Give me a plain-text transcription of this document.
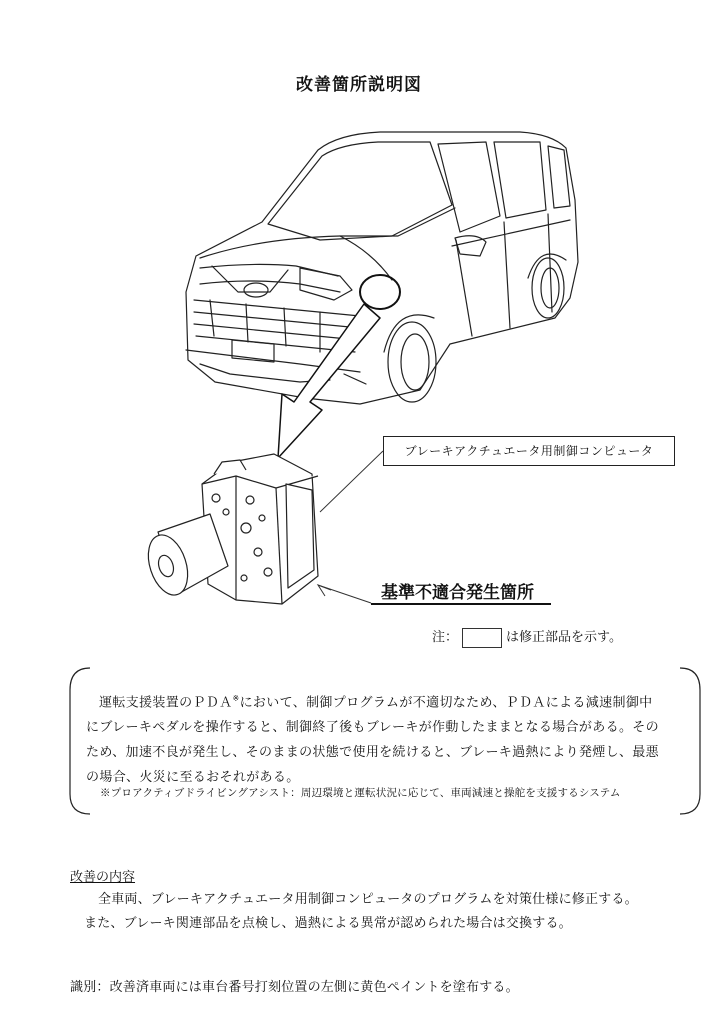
改善箇所説明図
ブレーキアクチュエータ用制御コンピュータ
基準不適合発生箇所
注：	は修正部品を示す。
運転支援装置のＰＤＡ※において、制御プログラムが不適切なため、ＰＤＡによる減速制御中
にブレーキペダルを操作すると、制御終了後もブレーキが作動したままとなる場合がある。その
ため、加速不良が発生し、そのままの状態で使用を続けると、ブレーキ過熱により発煙し、最悪
の場合、火災に至るおそれがある。
※プロアクティブドライビングアシスト：周辺環境と運転状況に応じて、車両減速と操舵を支援するシステム
改善の内容
全車両、ブレーキアクチュエータ用制御コンピュータのプログラムを対策仕様に修正する。
また、ブレーキ関連部品を点検し、過熱による異常が認められた場合は交換する。
識別：改善済車両には車台番号打刻位置の左側に黄色ペイントを塗布する。
